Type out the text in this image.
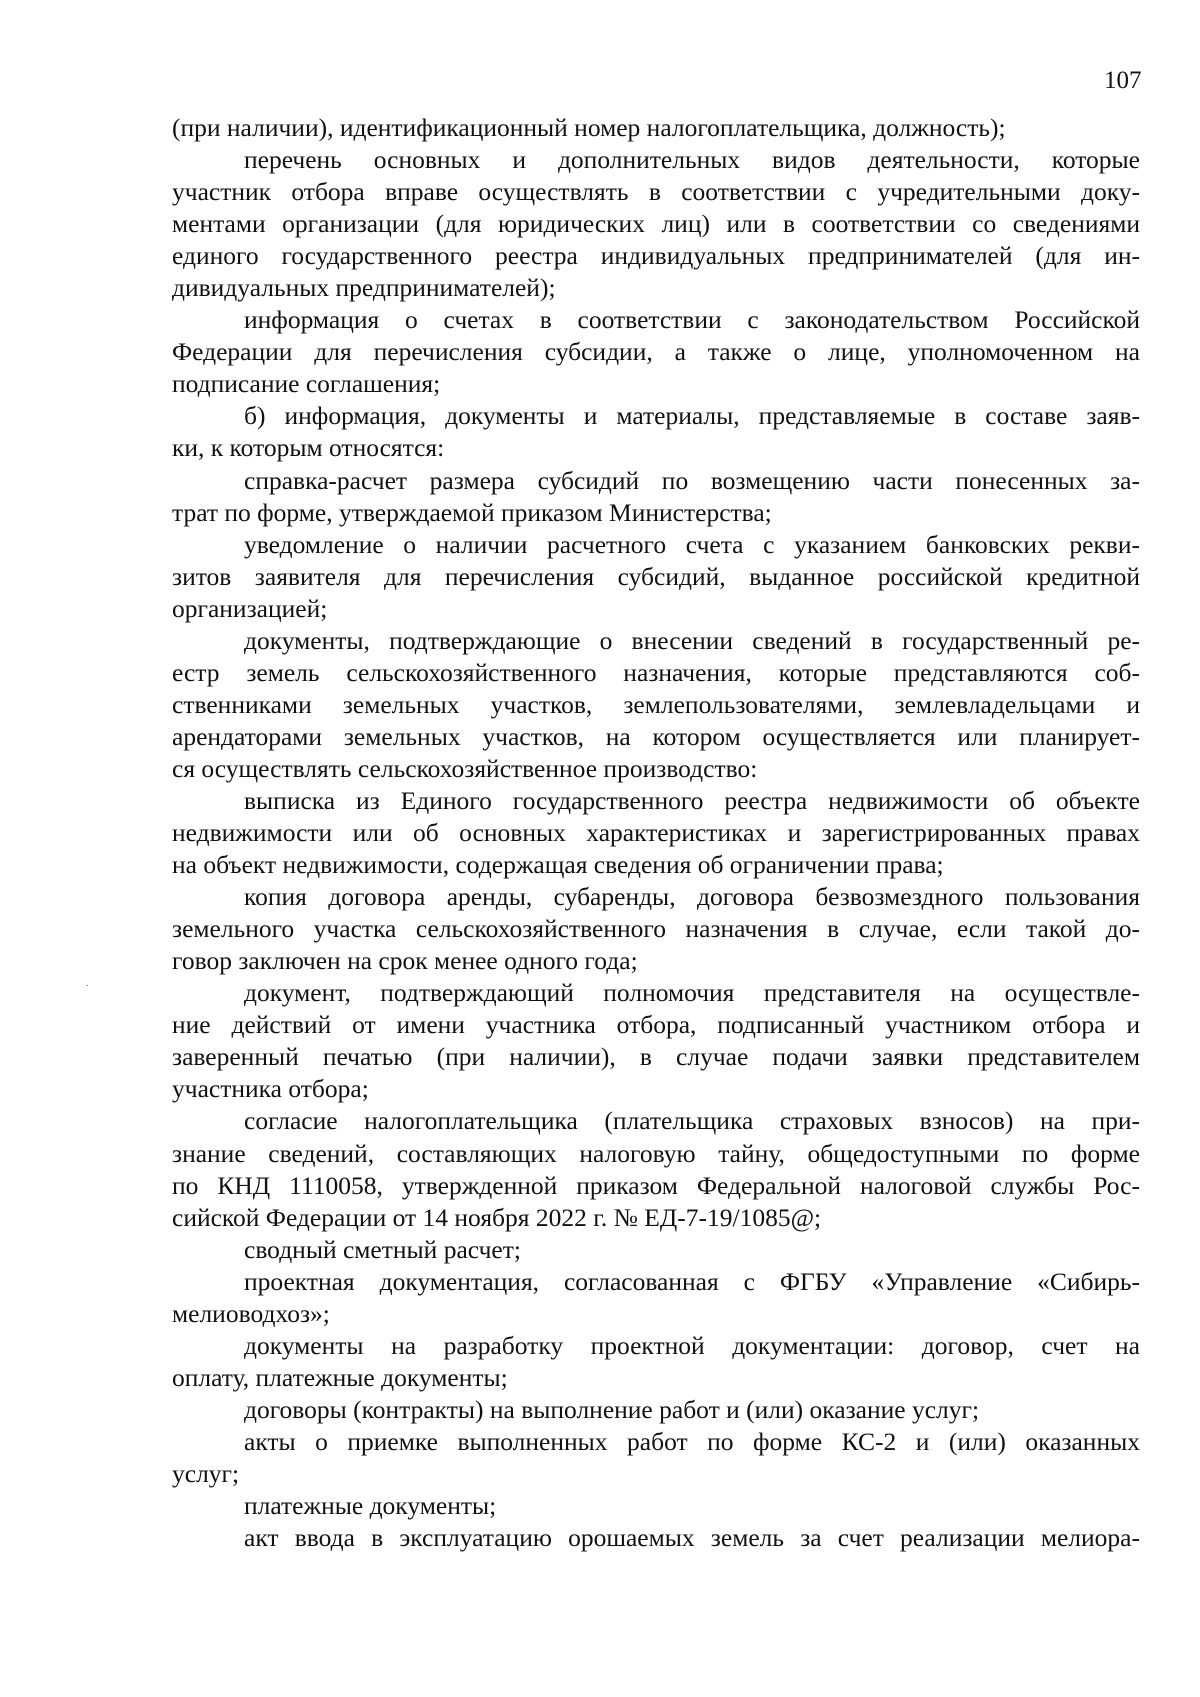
107
(при наличии), идентификационный номер налогоплательщика, должность);
перечень основных и дополнительных видов деятельности, которые
участник отбора вправе осуществлять в соответствии с учредительными доку-
ментами организации (для юридических лиц) или в соответствии со сведениями
единого государственного реестра индивидуальных предпринимателей (для ин-
дивидуальных предпринимателей);
информация о счетах в соответствии с законодательством Российской
Федерации для перечисления субсидии, а также о лице, уполномоченном на
подписание соглашения;
б) информация, документы и материалы, представляемые в составе заяв-
ки, к которым относятся:
справка-расчет размера субсидий по возмещению части понесенных за-
трат по форме, утверждаемой приказом Министерства;
уведомление о наличии расчетного счета с указанием банковских рекви-
зитов заявителя для перечисления субсидий, выданное российской кредитной
организацией;
документы, подтверждающие о внесении сведений в государственный ре-
естр земель сельскохозяйственного назначения, которые представляются соб-
ственниками земельных участков, землепользователями, землевладельцами и
арендаторами земельных участков, на котором осуществляется или планирует-
ся осуществлять сельскохозяйственное производство:
выписка из Единого государственного реестра недвижимости об объекте
недвижимости или об основных характеристиках и зарегистрированных правах
на объект недвижимости, содержащая сведения об ограничении права;
копия договора аренды, субаренды, договора безвозмездного пользования
земельного участка сельскохозяйственного назначения в случае, если такой до-
говор заключен на срок менее одного года;
документ, подтверждающий полномочия представителя на осуществле-
ние действий от имени участника отбора, подписанный участником отбора и
заверенный печатью (при наличии), в случае подачи заявки представителем
участника отбора;
согласие налогоплательщика (плательщика страховых взносов) на при-
знание сведений, составляющих налоговую тайну, общедоступными по форме
по КНД 1110058, утвержденной приказом Федеральной налоговой службы Рос-
сийской Федерации от 14 ноября 2022 г. № ЕД-7-19/1085@;
сводный сметный расчет;
проектная документация, согласованная с ФГБУ «Управление «Сибирь-
мелиоводхоз»;
документы на разработку проектной документации: договор, счет на
оплату, платежные документы;
договоры (контракты) на выполнение работ и (или) оказание услуг;
акты о приемке выполненных работ по форме КС-2 и (или) оказанных
услуг;
платежные документы;
акт ввода в эксплуатацию орошаемых земель за счет реализации мелиора-
